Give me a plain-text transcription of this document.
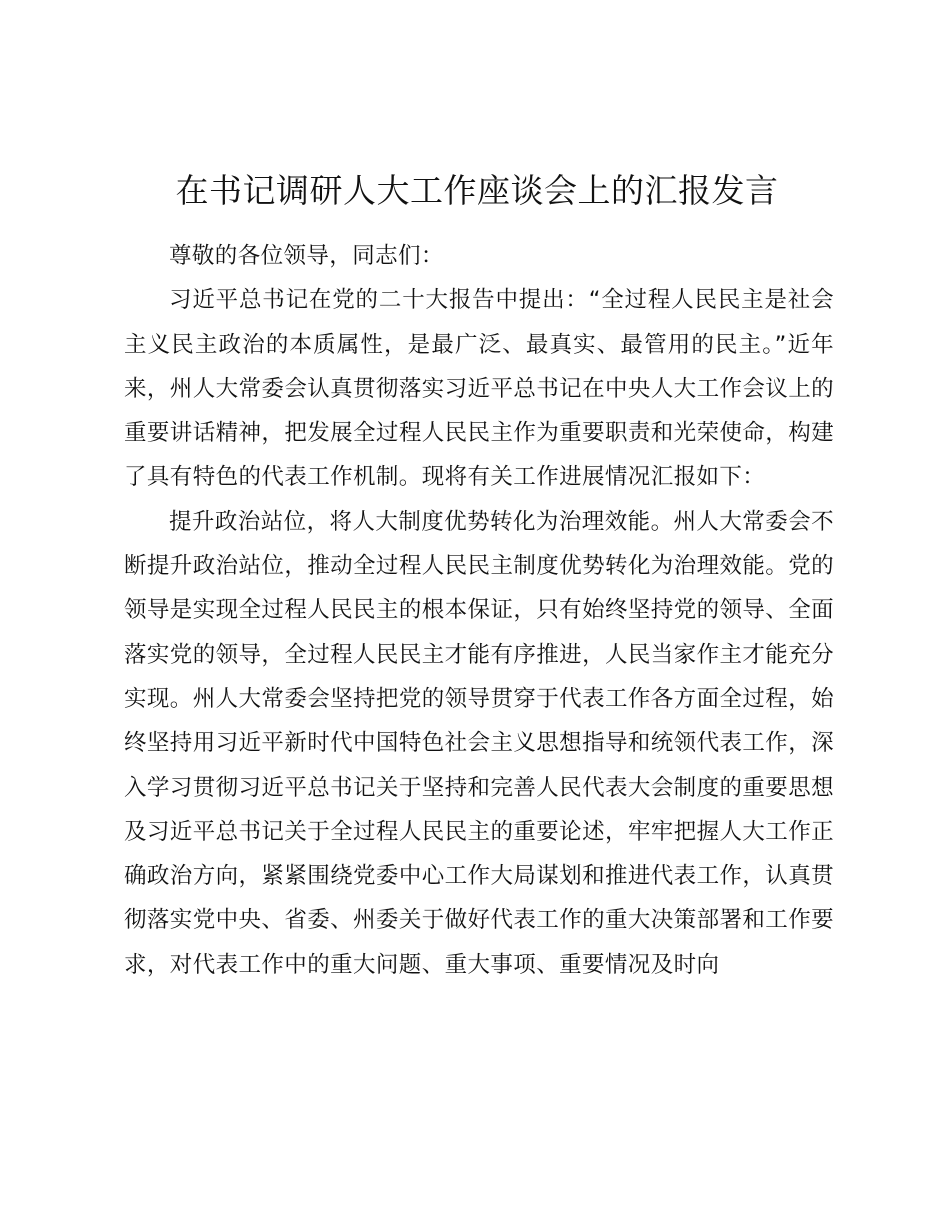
在书记调研人大工作座谈会上的汇报发言

尊敬的各位领导，同志们：

习近平总书记在党的二十大报告中提出：“全过程人民民主是社会主义民主政治的本质属性，是最广泛、最真实、最管用的民主。”近年来，州人大常委会认真贯彻落实习近平总书记在中央人大工作会议上的重要讲话精神，把发展全过程人民民主作为重要职责和光荣使命，构建了具有特色的代表工作机制。现将有关工作进展情况汇报如下：

提升政治站位，将人大制度优势转化为治理效能。州人大常委会不断提升政治站位，推动全过程人民民主制度优势转化为治理效能。党的领导是实现全过程人民民主的根本保证，只有始终坚持党的领导、全面落实党的领导，全过程人民民主才能有序推进，人民当家作主才能充分实现。州人大常委会坚持把党的领导贯穿于代表工作各方面全过程，始终坚持用习近平新时代中国特色社会主义思想指导和统领代表工作，深入学习贯彻习近平总书记关于坚持和完善人民代表大会制度的重要思想及习近平总书记关于全过程人民民主的重要论述，牢牢把握人大工作正确政治方向，紧紧围绕党委中心工作大局谋划和推进代表工作，认真贯彻落实党中央、省委、州委关于做好代表工作的重大决策部署和工作要求，对代表工作中的重大问题、重大事项、重要情况及时向
